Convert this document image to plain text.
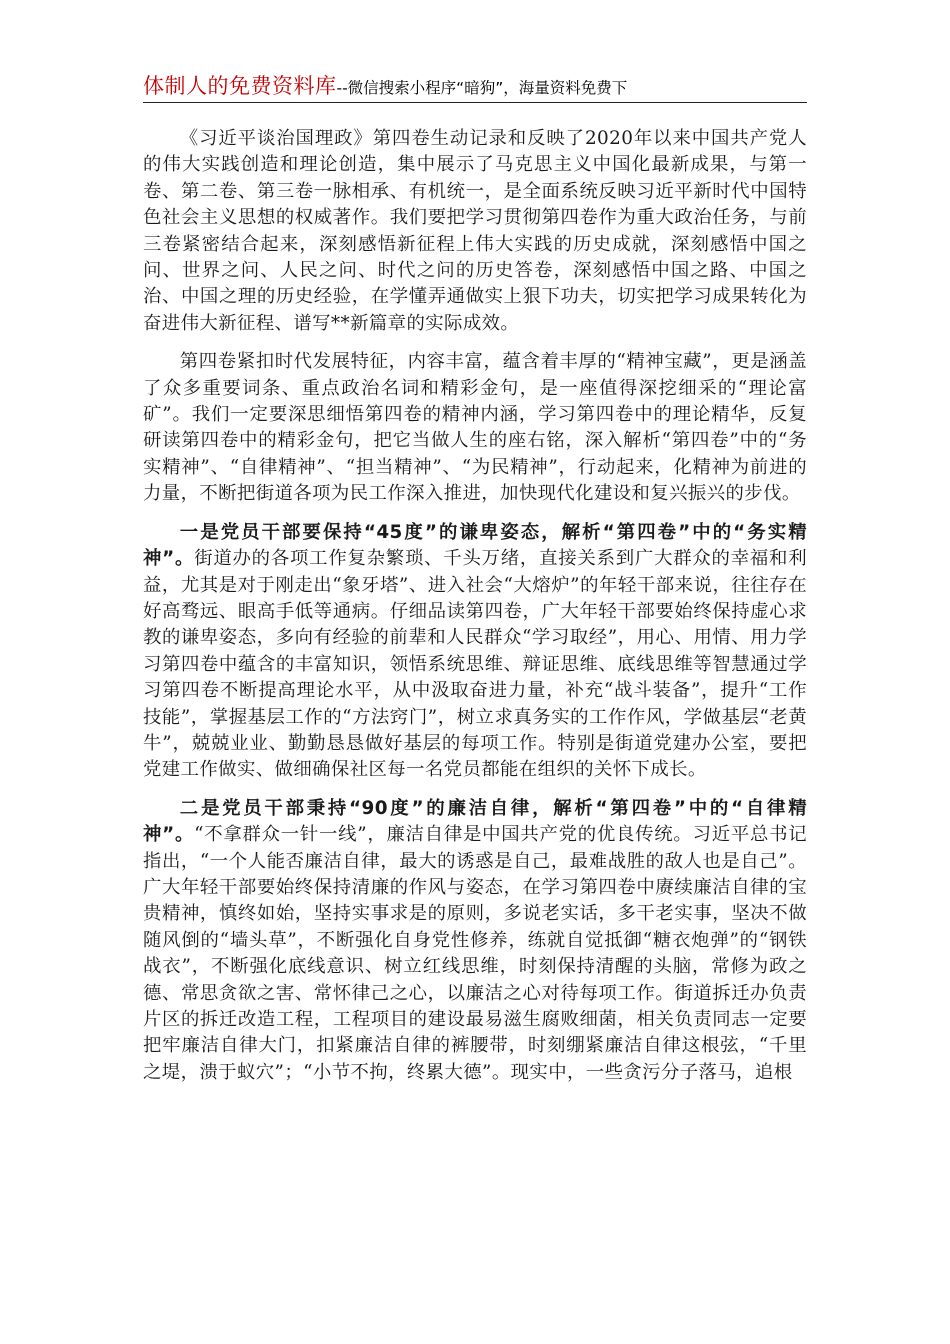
体制人的免费资料库--微信搜索小程序“暗狗”，海量资料免费下

《习近平谈治国理政》第四卷生动记录和反映了2020年以来中国共产党人的伟大实践创造和理论创造，集中展示了马克思主义中国化最新成果，与第一卷、第二卷、第三卷一脉相承、有机统一，是全面系统反映习近平新时代中国特色社会主义思想的权威著作。我们要把学习贯彻第四卷作为重大政治任务，与前三卷紧密结合起来，深刻感悟新征程上伟大实践的历史成就，深刻感悟中国之问、世界之问、人民之问、时代之问的历史答卷，深刻感悟中国之路、中国之治、中国之理的历史经验，在学懂弄通做实上狠下功夫，切实把学习成果转化为奋进伟大新征程、谱写**新篇章的实际成效。

第四卷紧扣时代发展特征，内容丰富，蕴含着丰厚的“精神宝藏”，更是涵盖了众多重要词条、重点政治名词和精彩金句，是一座值得深挖细采的“理论富矿”。我们一定要深思细悟第四卷的精神内涵，学习第四卷中的理论精华，反复研读第四卷中的精彩金句，把它当做人生的座右铭，深入解析“第四卷”中的“务实精神”、“自律精神”、“担当精神”、“为民精神”，行动起来，化精神为前进的力量，不断把街道各项为民工作深入推进，加快现代化建设和复兴振兴的步伐。

一是党员干部要保持“45度”的谦卑姿态，解析“第四卷”中的“务实精神”。街道办的各项工作复杂繁琐、千头万绪，直接关系到广大群众的幸福和利益，尤其是对于刚走出“象牙塔”、进入社会“大熔炉”的年轻干部来说，往往存在好高骛远、眼高手低等通病。仔细品读第四卷，广大年轻干部要始终保持虚心求教的谦卑姿态，多向有经验的前辈和人民群众“学习取经”，用心、用情、用力学习第四卷中蕴含的丰富知识，领悟系统思维、辩证思维、底线思维等智慧通过学习第四卷不断提高理论水平，从中汲取奋进力量，补充“战斗装备”，提升“工作技能”，掌握基层工作的“方法窍门”，树立求真务实的工作作风，学做基层“老黄牛”，兢兢业业、勤勤恳恳做好基层的每项工作。特别是街道党建办公室，要把党建工作做实、做细确保社区每一名党员都能在组织的关怀下成长。

二是党员干部秉持“90度”的廉洁自律，解析“第四卷”中的“自律精神”。“不拿群众一针一线”，廉洁自律是中国共产党的优良传统。习近平总书记指出，“一个人能否廉洁自律，最大的诱惑是自己，最难战胜的敌人也是自己”。广大年轻干部要始终保持清廉的作风与姿态，在学习第四卷中赓续廉洁自律的宝贵精神，慎终如始，坚持实事求是的原则，多说老实话，多干老实事，坚决不做随风倒的“墙头草”，不断强化自身党性修养，练就自觉抵御“糖衣炮弹”的“钢铁战衣”，不断强化底线意识、树立红线思维，时刻保持清醒的头脑，常修为政之德、常思贪欲之害、常怀律己之心，以廉洁之心对待每项工作。街道拆迁办负责片区的拆迁改造工程，工程项目的建设最易滋生腐败细菌，相关负责同志一定要把牢廉洁自律大门，扣紧廉洁自律的裤腰带，时刻绷紧廉洁自律这根弦，“千里之堤，溃于蚁穴”；“小节不拘，终累大德”。现实中，一些贪污分子落马，追根
